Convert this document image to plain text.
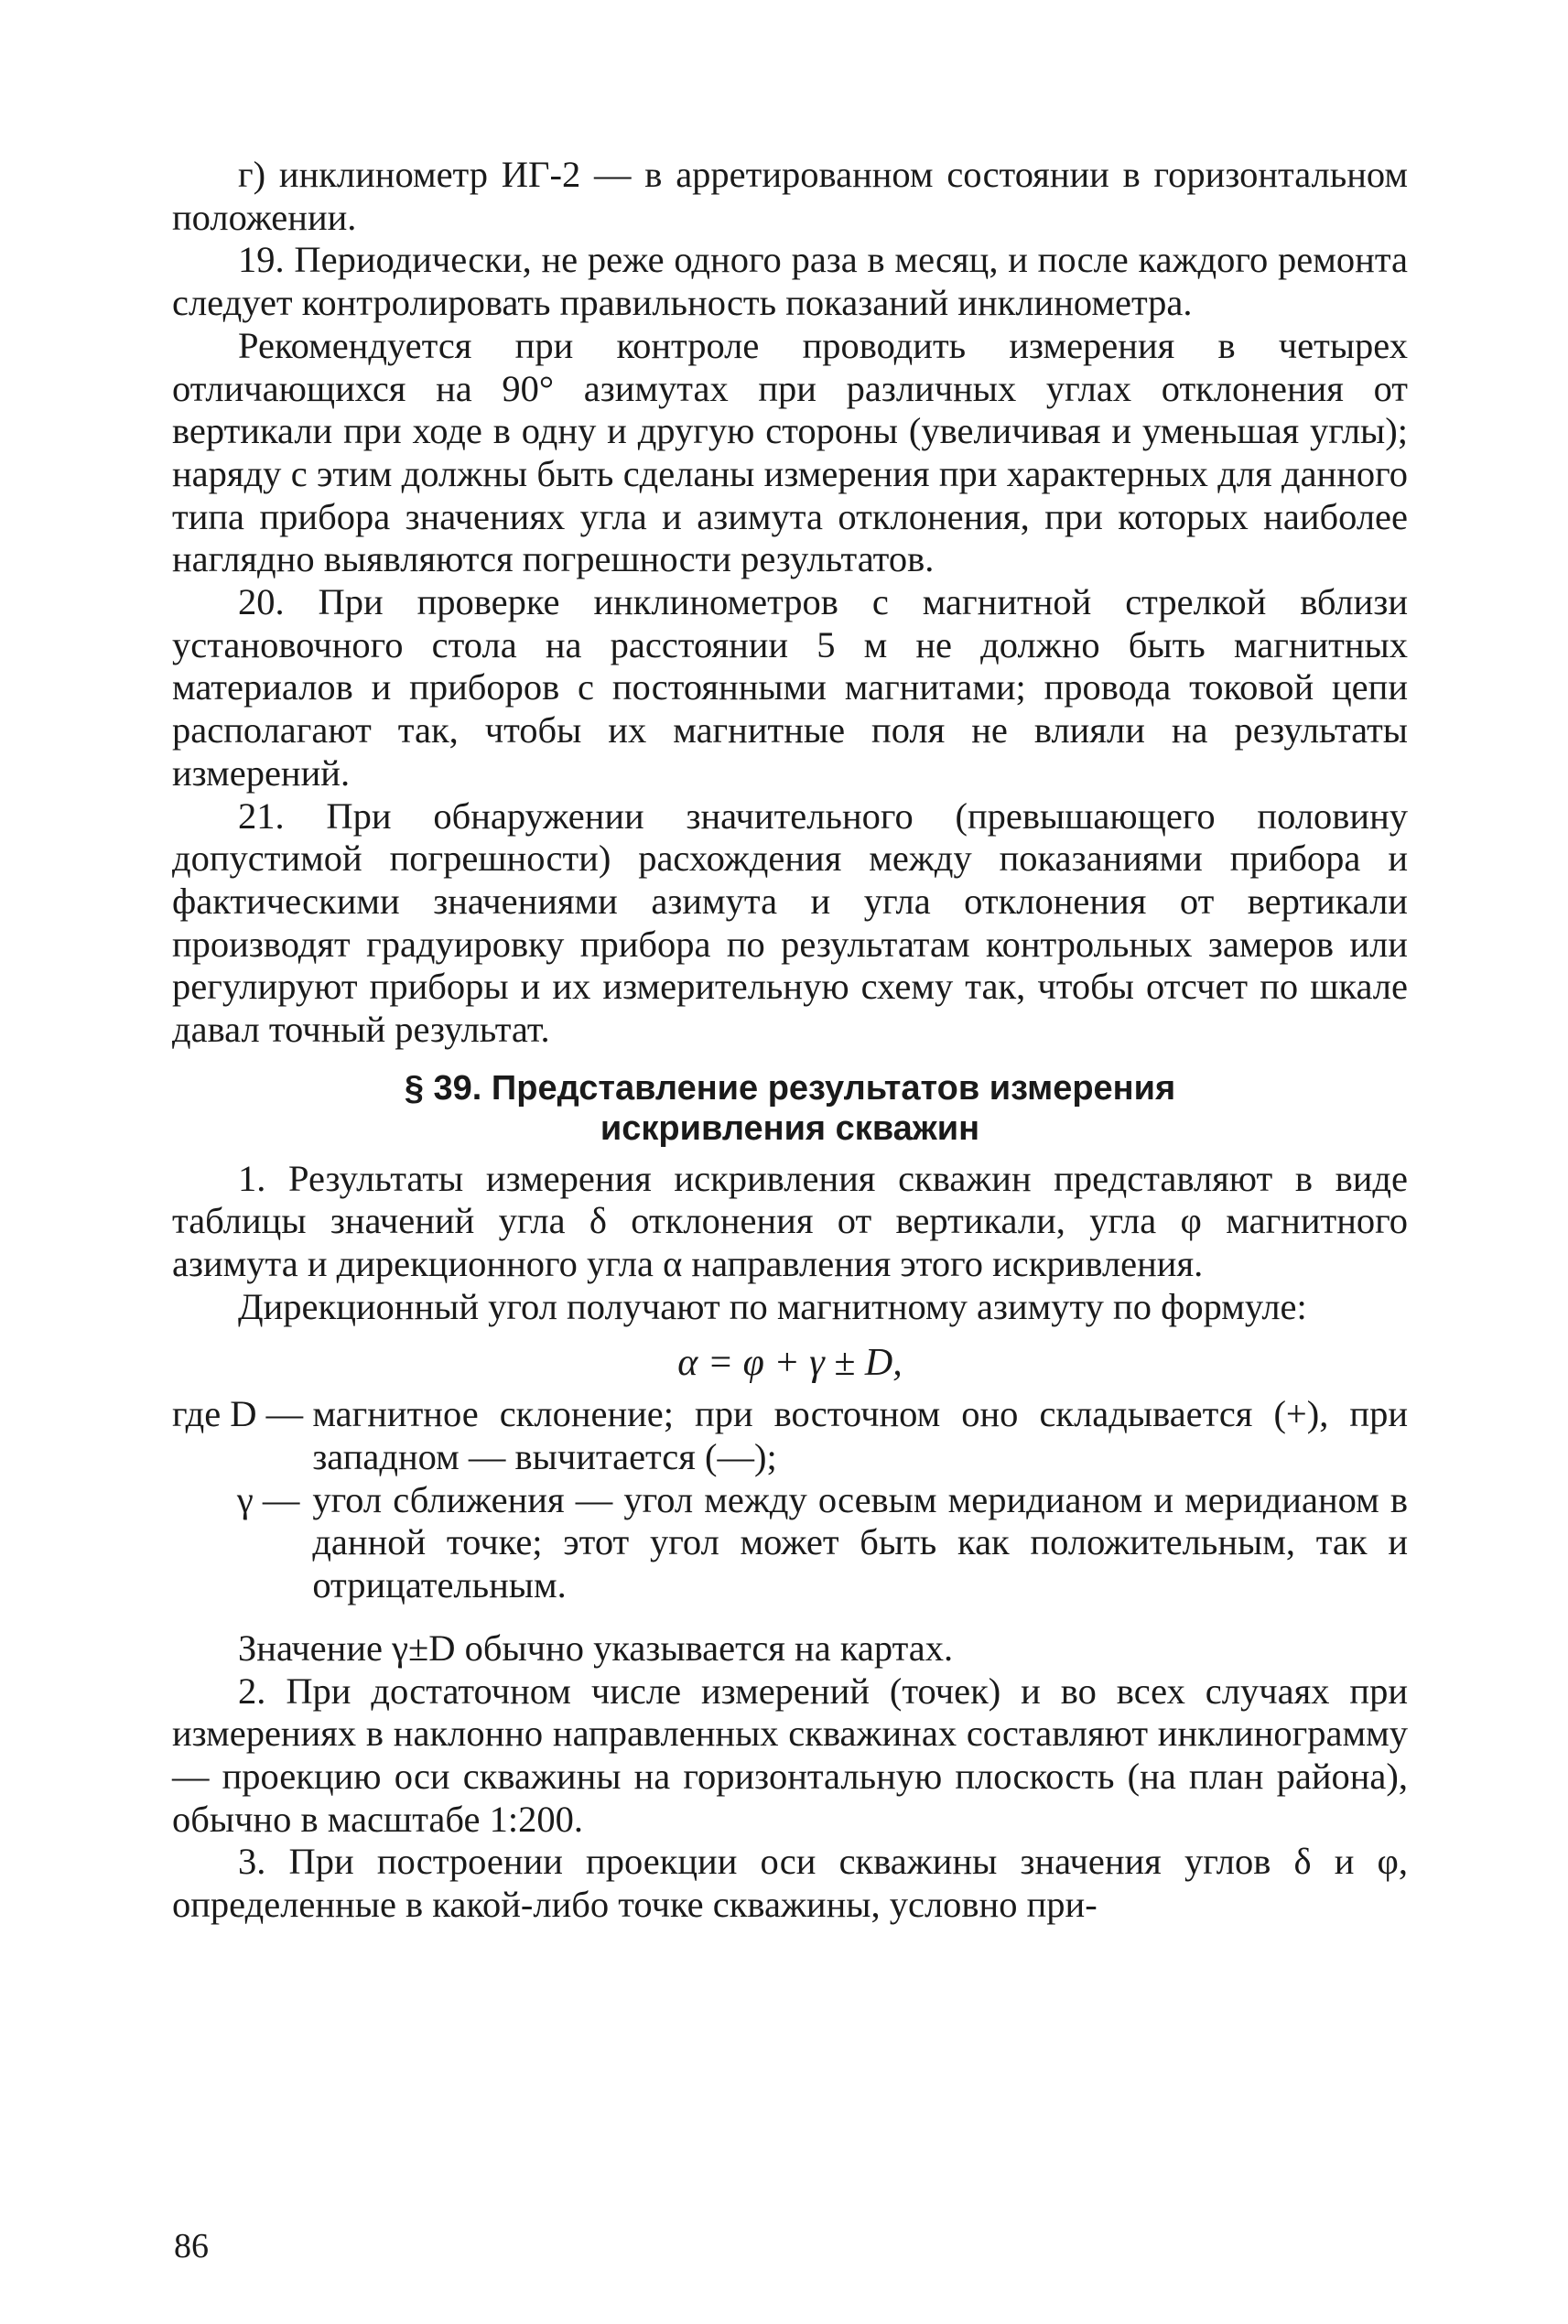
г) инклинометр ИГ-2 — в арретированном состоянии в горизонтальном положении.

19. Периодически, не реже одного раза в месяц, и после каждого ремонта следует контролировать правильность показаний инклинометра.

Рекомендуется при контроле проводить измерения в четырех отличающихся на 90° азимутах при различных углах отклонения от вертикали при ходе в одну и другую стороны (увеличивая и уменьшая углы); наряду с этим должны быть сделаны измерения при характерных для данного типа прибора значениях угла и азимута отклонения, при которых наиболее наглядно выявляются погрешности результатов.

20. При проверке инклинометров с магнитной стрелкой вблизи установочного стола на расстоянии 5 м не должно быть магнитных материалов и приборов с постоянными магнитами; провода токовой цепи располагают так, чтобы их магнитные поля не влияли на результаты измерений.

21. При обнаружении значительного (превышающего половину допустимой погрешности) расхождения между показаниями прибора и фактическими значениями азимута и угла отклонения от вертикали производят градуировку прибора по результатам контрольных замеров или регулируют приборы и их измерительную схему так, чтобы отсчет по шкале давал точный результат.

§ 39. Представление результатов измерения
искривления скважин

1. Результаты измерения искривления скважин представляют в виде таблицы значений угла δ отклонения от вертикали, угла φ магнитного азимута и дирекционного угла α направления этого искривления.

Дирекционный угол получают по магнитному азимуту по формуле:

α = φ + γ ± D,
где D — магнитное склонение; при восточном оно складывается (+), при западном — вычитается (—);
γ — угол сближения — угол между осевым меридианом и меридианом в данной точке; этот угол может быть как положительным, так и отрицательным.

Значение γ±D обычно указывается на картах.

2. При достаточном числе измерений (точек) и во всех случаях при измерениях в наклонно направленных скважинах составляют инклинограмму — проекцию оси скважины на горизонтальную плоскость (на план района), обычно в масштабе 1:200.

3. При построении проекции оси скважины значения углов δ и φ, определенные в какой-либо точке скважины, условно при-

86
